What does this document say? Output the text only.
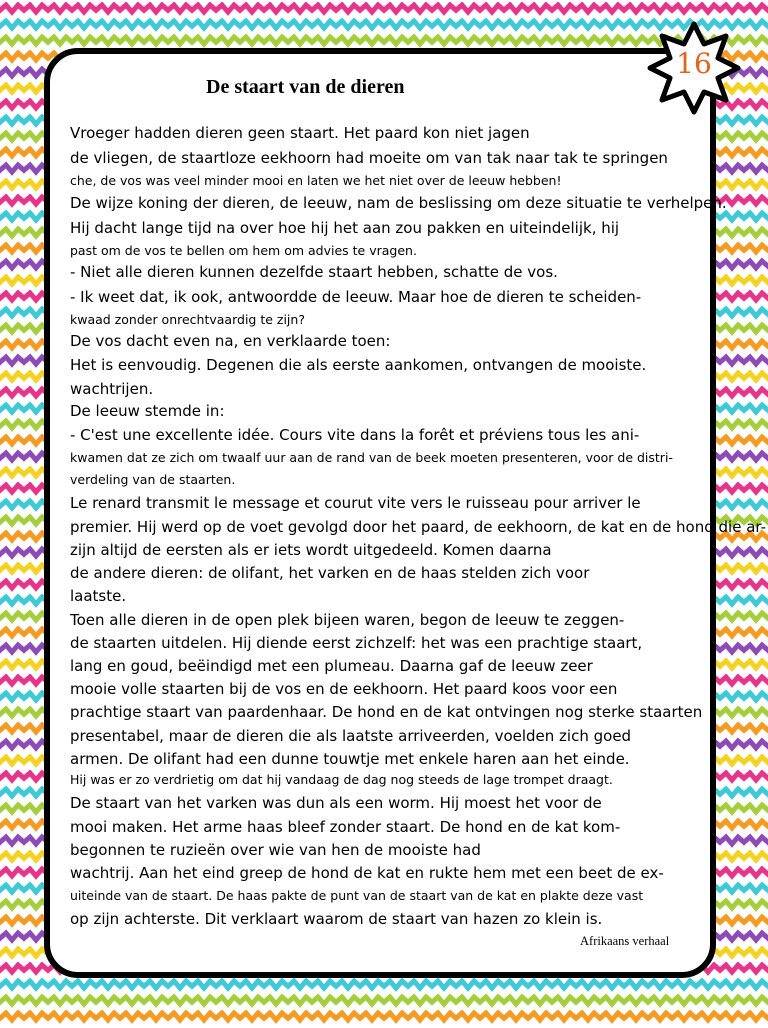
16
De staart van de dieren
Vroeger hadden dieren geen staart. Het paard kon niet jagen
de vliegen, de staartloze eekhoorn had moeite om van tak naar tak te springen
che, de vos was veel minder mooi en laten we het niet over de leeuw hebben!
De wijze koning der dieren, de leeuw, nam de beslissing om deze situatie te verhelpen.
Hij dacht lange tijd na over hoe hij het aan zou pakken en uiteindelijk, hij
past om de vos te bellen om hem om advies te vragen.
- Niet alle dieren kunnen dezelfde staart hebben, schatte de vos.
- Ik weet dat, ik ook, antwoordde de leeuw. Maar hoe de dieren te scheiden-
kwaad zonder onrechtvaardig te zijn?
De vos dacht even na, en verklaarde toen:
Het is eenvoudig. Degenen die als eerste aankomen, ontvangen de mooiste.
wachtrijen.
De leeuw stemde in:
- C'est une excellente idée. Cours vite dans la forêt et préviens tous les ani-
kwamen dat ze zich om twaalf uur aan de rand van de beek moeten presenteren, voor de distri-
verdeling van de staarten.
Le renard transmit le message et courut vite vers le ruisseau pour arriver le
premier. Hij werd op de voet gevolgd door het paard, de eekhoorn, de kat en de hond die ar-
zijn altijd de eersten als er iets wordt uitgedeeld. Komen daarna
de andere dieren: de olifant, het varken en de haas stelden zich voor
laatste.
Toen alle dieren in de open plek bijeen waren, begon de leeuw te zeggen-
de staarten uitdelen. Hij diende eerst zichzelf: het was een prachtige staart,
lang en goud, beëindigd met een plumeau. Daarna gaf de leeuw zeer
mooie volle staarten bij de vos en de eekhoorn. Het paard koos voor een
prachtige staart van paardenhaar. De hond en de kat ontvingen nog sterke staarten
presentabel, maar de dieren die als laatste arriveerden, voelden zich goed
armen. De olifant had een dunne touwtje met enkele haren aan het einde.
Hij was er zo verdrietig om dat hij vandaag de dag nog steeds de lage trompet draagt.
De staart van het varken was dun als een worm. Hij moest het voor de
mooi maken. Het arme haas bleef zonder staart. De hond en de kat kom-
begonnen te ruzieën over wie van hen de mooiste had
wachtrij. Aan het eind greep de hond de kat en rukte hem met een beet de ex-
uiteinde van de staart. De haas pakte de punt van de staart van de kat en plakte deze vast
op zijn achterste. Dit verklaart waarom de staart van hazen zo klein is.
Afrikaans verhaal
